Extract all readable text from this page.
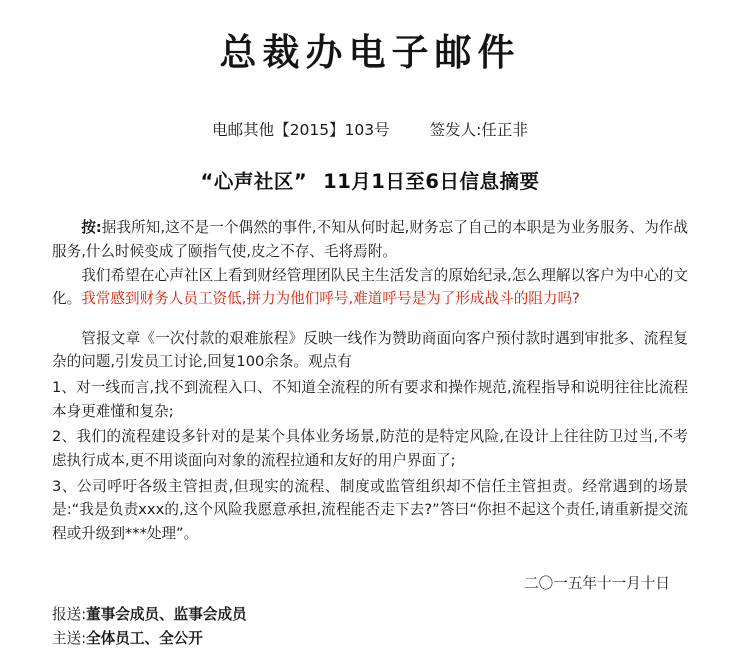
总裁办电子邮件
电邮其他【2015】103号	签发人:任正非
“心声社区” 11月1日至6日信息摘要

按:据我所知,这不是一个偶然的事件,不知从何时起,财务忘了自己的本职是为业务服务、为作战服务,什么时候变成了颐指气使,皮之不存、毛将焉附。

我们希望在心声社区上看到财经管理团队民主生活发言的原始纪录,怎么理解以客户为中心的文化。我常感到财务人员工资低,拼力为他们呼号,难道呼号是为了形成战斗的阻力吗?

管报文章《一次付款的艰难旅程》反映一线作为赞助商面向客户预付款时遇到审批多、流程复杂的问题,引发员工讨论,回复100余条。观点有

1、对一线而言,找不到流程入口、不知道全流程的所有要求和操作规范,流程指导和说明往往比流程本身更难懂和复杂;

2、我们的流程建设多针对的是某个具体业务场景,防范的是特定风险,在设计上往往防卫过当,不考虑执行成本,更不用谈面向对象的流程拉通和友好的用户界面了;

3、公司呼吁各级主管担责,但现实的流程、制度或监管组织却不信任主管担责。经常遇到的场景是:“我是负责xxx的,这个风险我愿意承担,流程能否走下去?”答曰“你担不起这个责任,请重新提交流程或升级到***处理”。

二〇一五年十一月十日

报送:董事会成员、监事会成员

主送:全体员工、全公开
